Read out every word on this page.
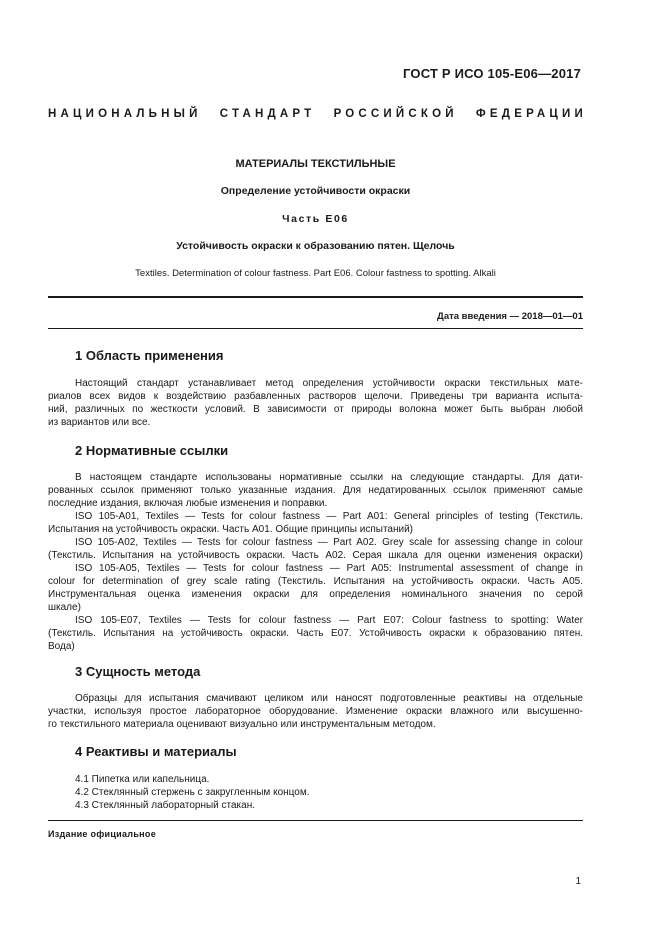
ГОСТ Р ИСО 105-E06—2017
НАЦИОНАЛЬНЫЙ СТАНДАРТ РОССИЙСКОЙ ФЕДЕРАЦИИ
МАТЕРИАЛЫ ТЕКСТИЛЬНЫЕ
Определение устойчивости окраски
Часть E06
Устойчивость окраски к образованию пятен. Щелочь
Textiles. Determination of colour fastness. Part E06. Colour fastness to spotting. Alkali
Дата введения — 2018—01—01
1 Область применения
Настоящий стандарт устанавливает метод определения устойчивости окраски текстильных мате-
риалов всех видов к воздействию разбавленных растворов щелочи. Приведены три варианта испыта-
ний, различных по жесткости условий. В зависимости от природы волокна может быть выбран любой
из вариантов или все.
2 Нормативные ссылки
В настоящем стандарте использованы нормативные ссылки на следующие стандарты. Для дати-
рованных ссылок применяют только указанные издания. Для недатированных ссылок применяют самые
последние издания, включая любые изменения и поправки.
ISO 105-A01, Textiles — Tests for colour fastness — Part A01: General principles of testing (Текстиль.
Испытания на устойчивость окраски. Часть A01. Общие принципы испытаний)
ISO 105-A02, Textiles — Tests for colour fastness — Part A02. Grey scale for assessing change in colour
(Текстиль. Испытания на устойчивость окраски. Часть A02. Серая шкала для оценки изменения окраски)
ISO 105-A05, Textiles — Tests for colour fastness — Part A05: Instrumental assessment of change in
colour for determination of grey scale rating (Текстиль. Испытания на устойчивость окраски. Часть A05.
Инструментальная оценка изменения окраски для определения номинального значения по серой
шкале)
ISO 105-E07, Textiles — Tests for colour fastness — Part E07: Colour fastness to spotting: Water
(Текстиль. Испытания на устойчивость окраски. Часть E07. Устойчивость окраски к образованию пятен.
Вода)
3 Сущность метода
Образцы для испытания смачивают целиком или наносят подготовленные реактивы на отдельные
участки, используя простое лабораторное оборудование. Изменение окраски влажного или высушенно-
го текстильного материала оценивают визуально или инструментальным методом.
4 Реактивы и материалы
4.1 Пипетка или капельница.
4.2 Стеклянный стержень с закругленным концом.
4.3 Стеклянный лабораторный стакан.
Издание официальное
1
